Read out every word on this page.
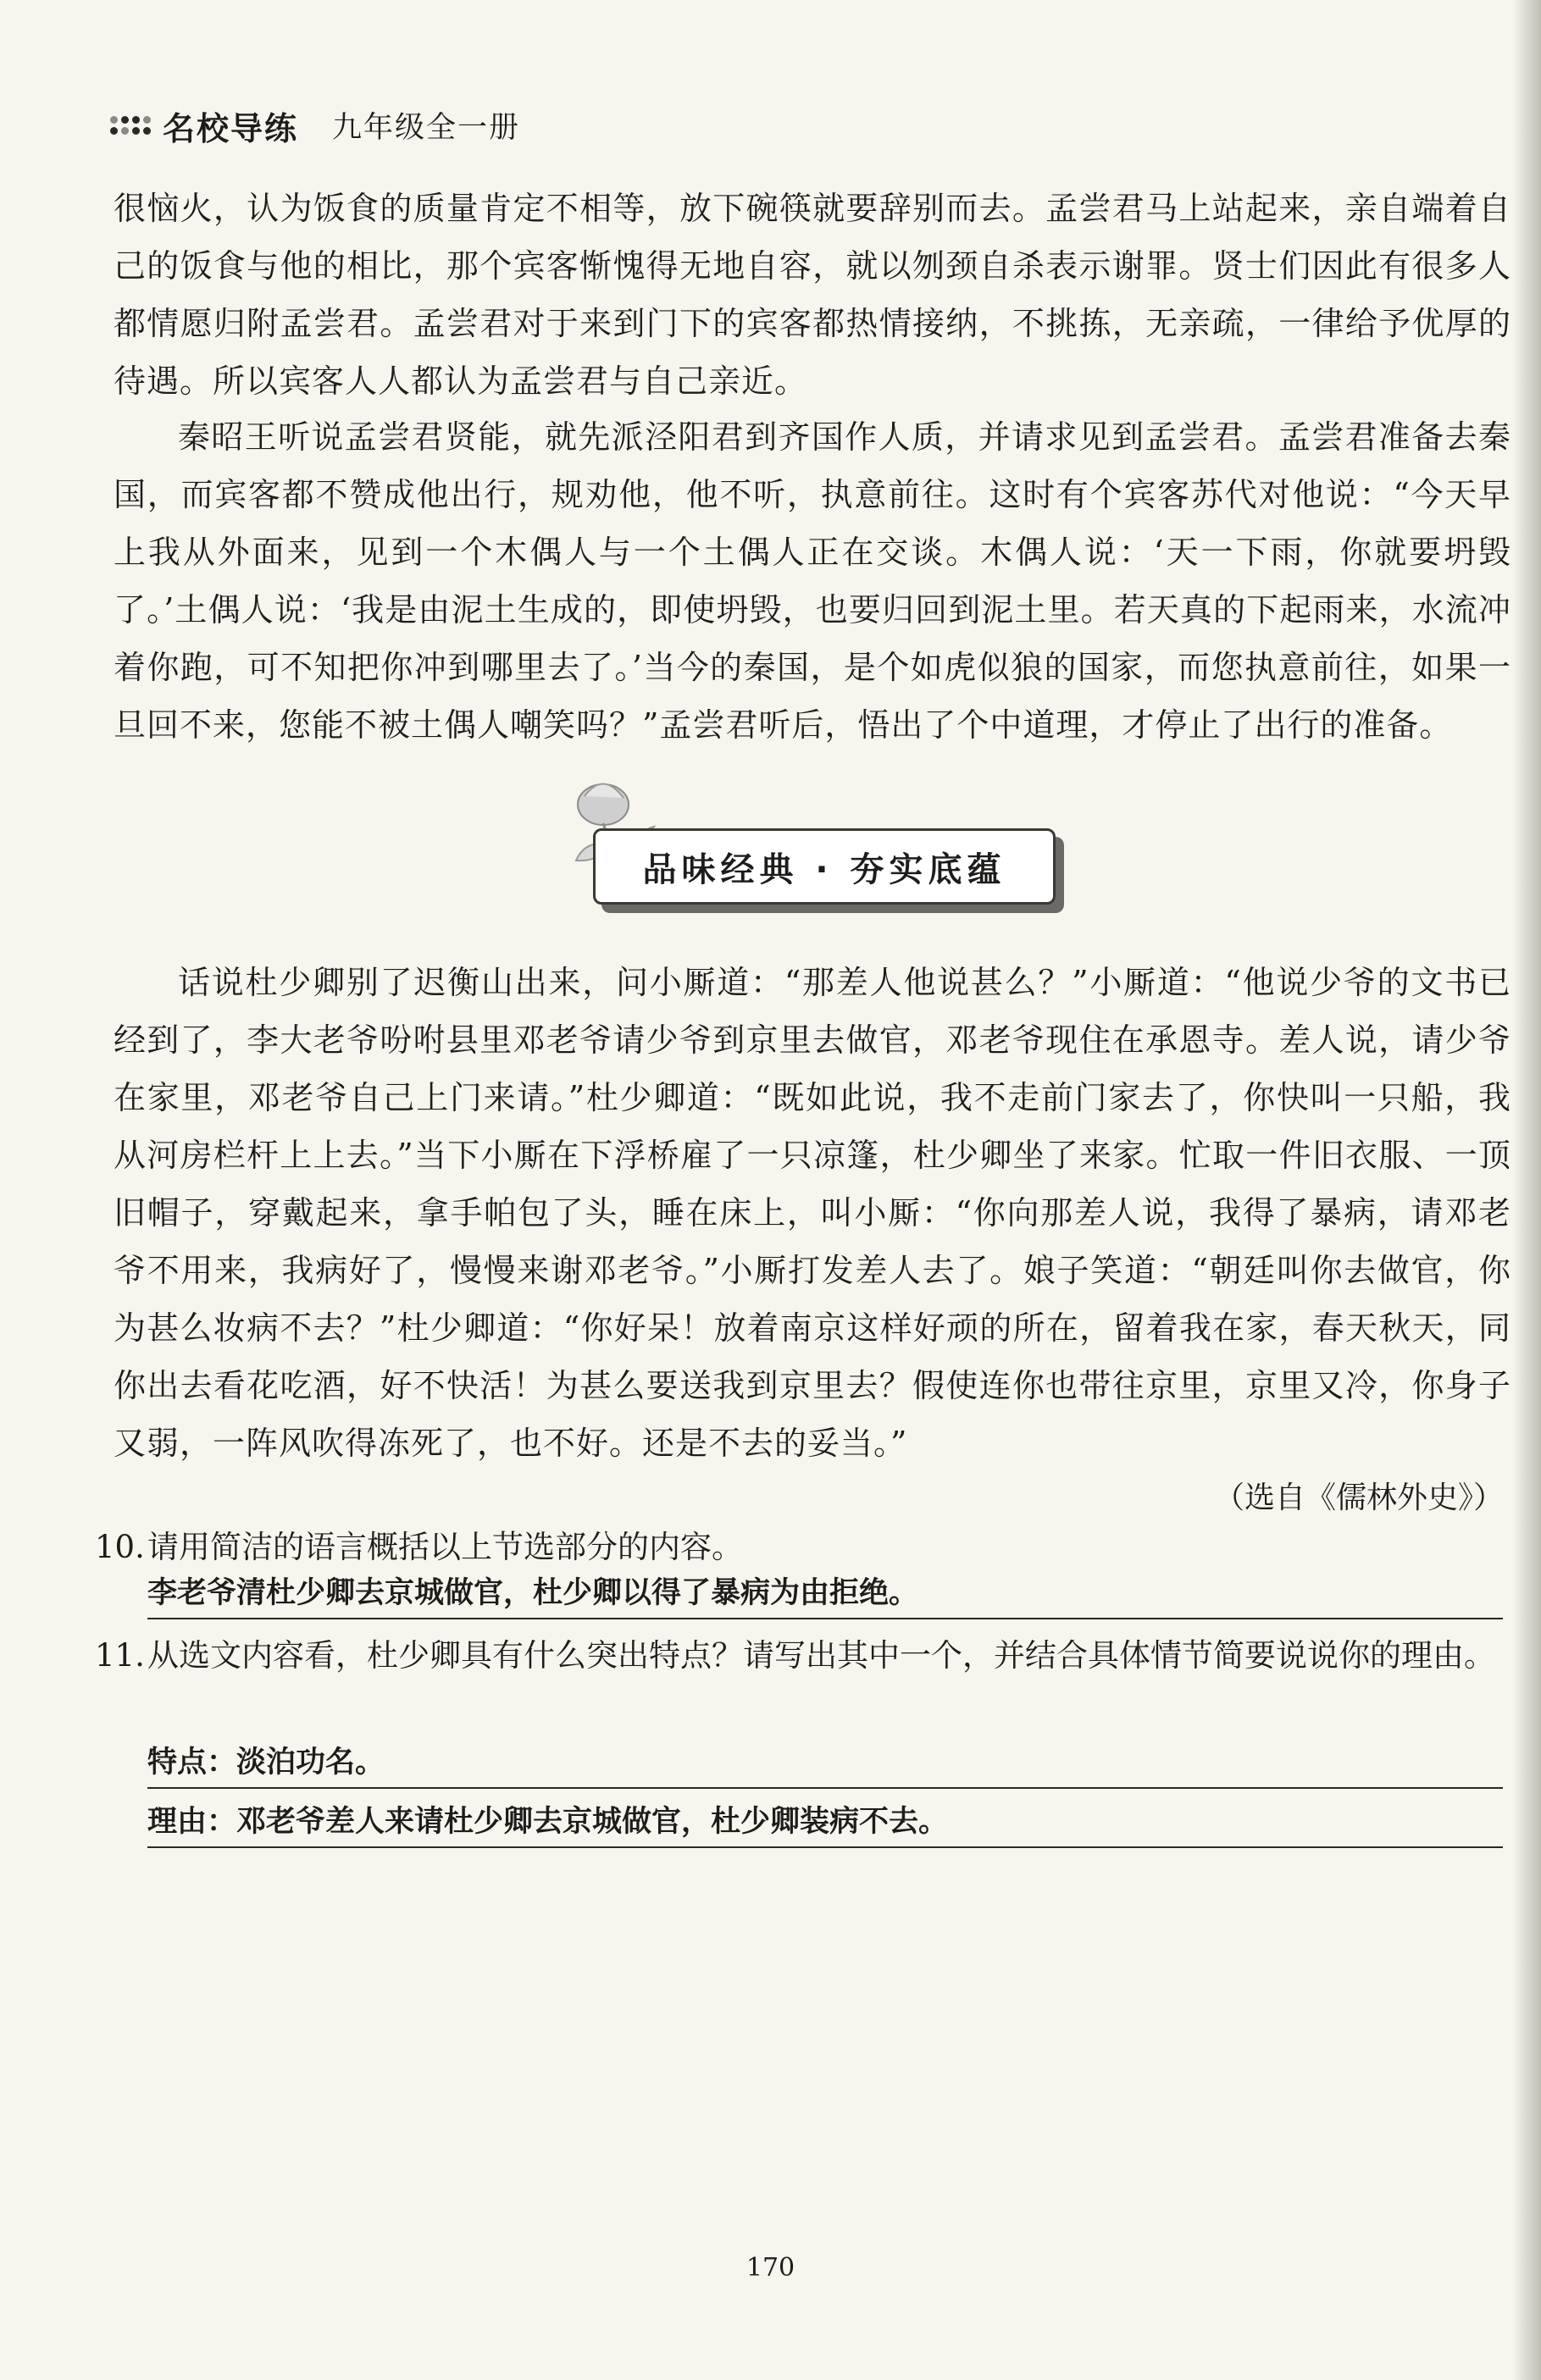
名校导练 九年级全一册

很恼火，认为饭食的质量肯定不相等，放下碗筷就要辞别而去。孟尝君马上站起来，亲自端着自己的饭食与他的相比，那个宾客惭愧得无地自容，就以刎颈自杀表示谢罪。贤士们因此有很多人都情愿归附孟尝君。孟尝君对于来到门下的宾客都热情接纳，不挑拣，无亲疏，一律给予优厚的待遇。所以宾客人人都认为孟尝君与自己亲近。

秦昭王听说孟尝君贤能，就先派泾阳君到齐国作人质，并请求见到孟尝君。孟尝君准备去秦国，而宾客都不赞成他出行，规劝他，他不听，执意前往。这时有个宾客苏代对他说：“今天早上我从外面来，见到一个木偶人与一个土偶人正在交谈。木偶人说：‘天一下雨，你就要坍毁了。’土偶人说：‘我是由泥土生成的，即使坍毁，也要归回到泥土里。若天真的下起雨来，水流冲着你跑，可不知把你冲到哪里去了。’当今的秦国，是个如虎似狼的国家，而您执意前往，如果一旦回不来，您能不被土偶人嘲笑吗？”孟尝君听后，悟出了个中道理，才停止了出行的准备。

品味经典 · 夯实底蕴

话说杜少卿别了迟衡山出来，问小厮道：“那差人他说甚么？”小厮道：“他说少爷的文书已经到了，李大老爷吩咐县里邓老爷请少爷到京里去做官，邓老爷现住在承恩寺。差人说，请少爷在家里，邓老爷自己上门来请。”杜少卿道：“既如此说，我不走前门家去了，你快叫一只船，我从河房栏杆上上去。”当下小厮在下浮桥雇了一只凉篷，杜少卿坐了来家。忙取一件旧衣服、一顶旧帽子，穿戴起来，拿手帕包了头，睡在床上，叫小厮：“你向那差人说，我得了暴病，请邓老爷不用来，我病好了，慢慢来谢邓老爷。”小厮打发差人去了。娘子笑道：“朝廷叫你去做官，你为甚么妆病不去？”杜少卿道：“你好呆！放着南京这样好顽的所在，留着我在家，春天秋天，同你出去看花吃酒，好不快活！为甚么要送我到京里去？假使连你也带往京里，京里又冷，你身子又弱，一阵风吹得冻死了，也不好。还是不去的妥当。”

（选自《儒林外史》）
10.请用简洁的语言概括以上节选部分的内容。
李老爷清杜少卿去京城做官，杜少卿以得了暴病为由拒绝。
11.从选文内容看，杜少卿具有什么突出特点？请写出其中一个，并结合具体情节简要说说你的理由。
特点：淡泊功名。
理由：邓老爷差人来请杜少卿去京城做官，杜少卿装病不去。
170
